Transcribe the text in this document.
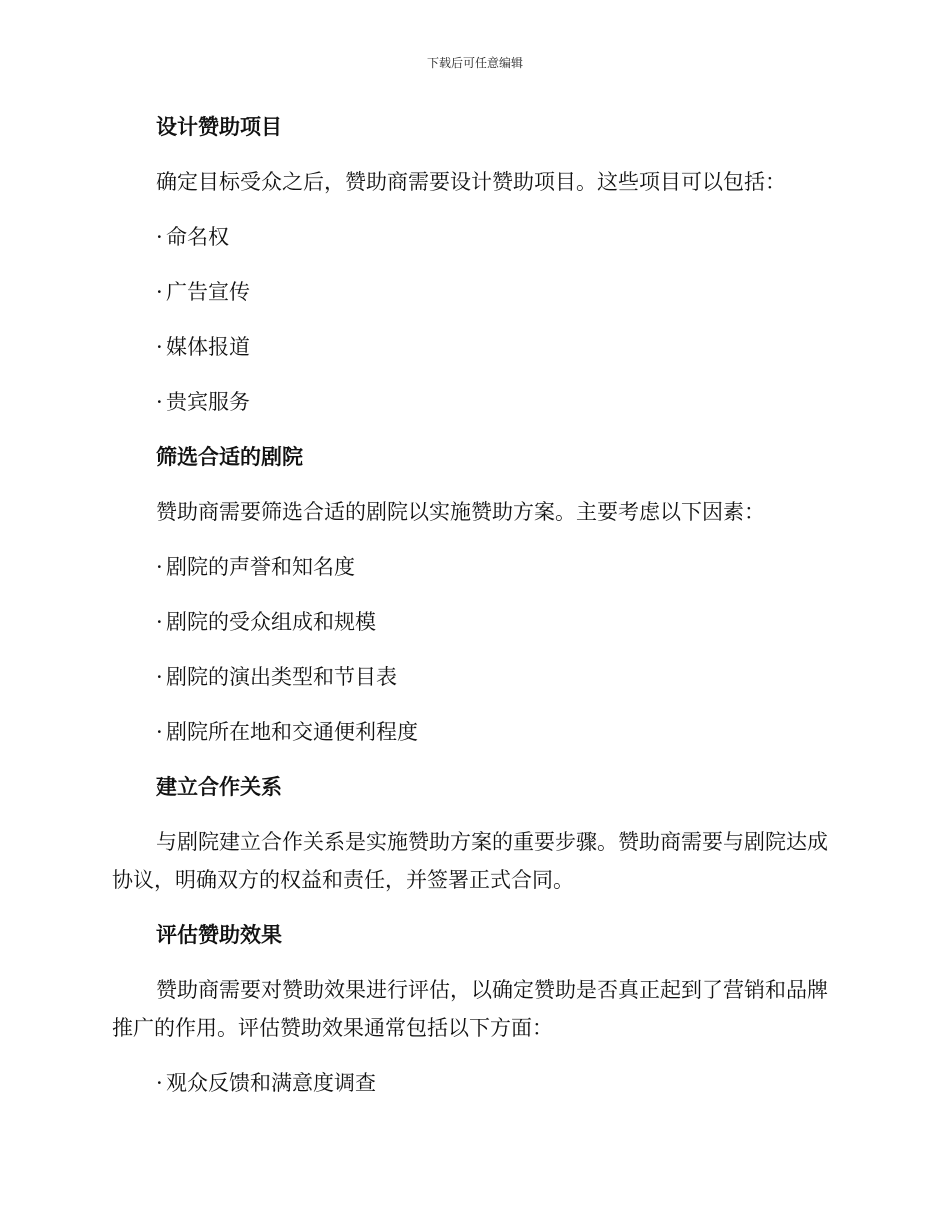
下载后可任意编辑
设计赞助项目
确定目标受众之后，赞助商需要设计赞助项目。这些项目可以包括：
· 命名权
· 广告宣传
· 媒体报道
· 贵宾服务
筛选合适的剧院
赞助商需要筛选合适的剧院以实施赞助方案。主要考虑以下因素：
· 剧院的声誉和知名度
· 剧院的受众组成和规模
· 剧院的演出类型和节目表
· 剧院所在地和交通便利程度
建立合作关系
与剧院建立合作关系是实施赞助方案的重要步骤。赞助商需要与剧院达成协议，明确双方的权益和责任，并签署正式合同。
评估赞助效果
赞助商需要对赞助效果进行评估，以确定赞助是否真正起到了营销和品牌推广的作用。评估赞助效果通常包括以下方面：
· 观众反馈和满意度调查
